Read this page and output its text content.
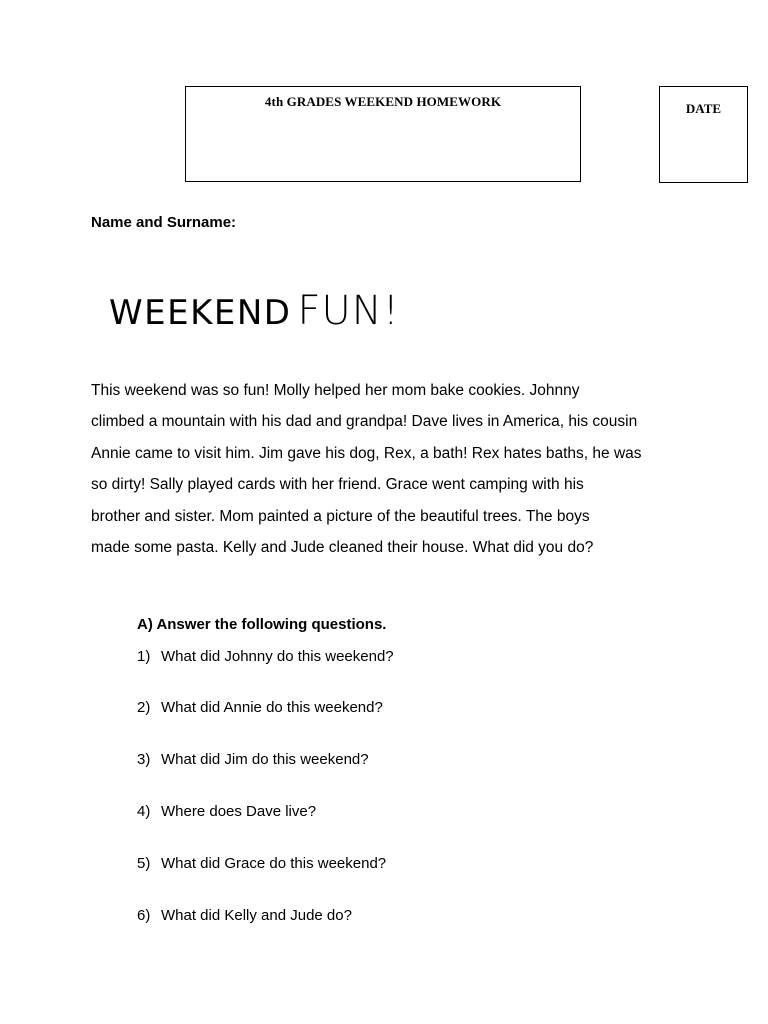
4th GRADES WEEKEND HOMEWORK	DATE
Name and Surname:
WEEKEND FUN!
This weekend was so fun! Molly helped her mom bake cookies. Johnny
climbed a mountain with his dad and grandpa! Dave lives in America, his cousin
Annie came to visit him. Jim gave his dog, Rex, a bath! Rex hates baths, he was
so dirty! Sally played cards with her friend. Grace went camping with his
brother and sister. Mom painted a picture of the beautiful trees. The boys
made some pasta. Kelly and Jude cleaned their house. What did you do?
A) Answer the following questions.
1) What did Johnny do this weekend?
2) What did Annie do this weekend?
3) What did Jim do this weekend?
4) Where does Dave live?
5) What did Grace do this weekend?
6) What did Kelly and Jude do?
